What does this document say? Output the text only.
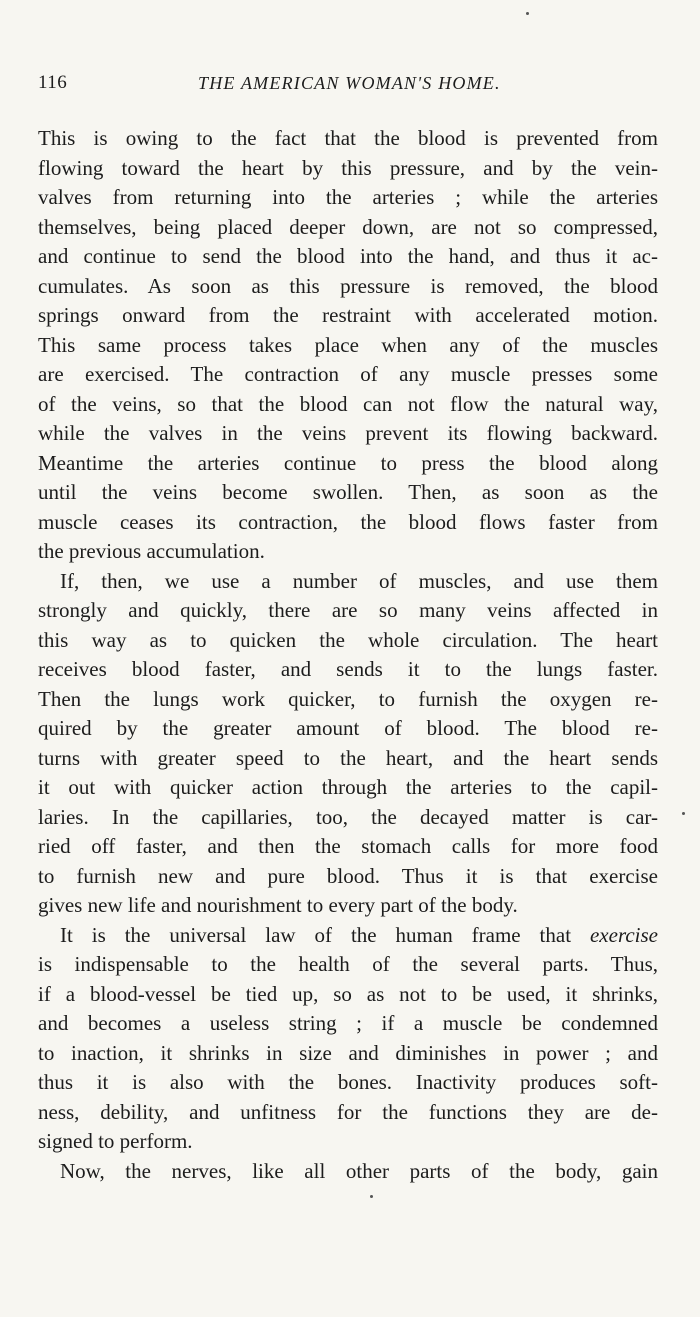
116	THE AMERICAN WOMAN'S HOME.
This is owing to the fact that the blood is prevented from
flowing toward the heart by this pressure, and by the vein-
valves from returning into the arteries ; while the arteries
themselves, being placed deeper down, are not so compressed,
and continue to send the blood into the hand, and thus it ac-
cumulates. As soon as this pressure is removed, the blood
springs onward from the restraint with accelerated motion.
This same process takes place when any of the muscles
are exercised. The contraction of any muscle presses some
of the veins, so that the blood can not flow the natural way,
while the valves in the veins prevent its flowing backward.
Meantime the arteries continue to press the blood along
until the veins become swollen. Then, as soon as the
muscle ceases its contraction, the blood flows faster from
the previous accumulation.
If, then, we use a number of muscles, and use them
strongly and quickly, there are so many veins affected in
this way as to quicken the whole circulation. The heart
receives blood faster, and sends it to the lungs faster.
Then the lungs work quicker, to furnish the oxygen re-
quired by the greater amount of blood. The blood re-
turns with greater speed to the heart, and the heart sends
it out with quicker action through the arteries to the capil-
laries. In the capillaries, too, the decayed matter is car-
ried off faster, and then the stomach calls for more food
to furnish new and pure blood. Thus it is that exercise
gives new life and nourishment to every part of the body.
It is the universal law of the human frame that exercise
is indispensable to the health of the several parts. Thus,
if a blood-vessel be tied up, so as not to be used, it shrinks,
and becomes a useless string ; if a muscle be condemned
to inaction, it shrinks in size and diminishes in power ; and
thus it is also with the bones. Inactivity produces soft-
ness, debility, and unfitness for the functions they are de-
signed to perform.
Now, the nerves, like all other parts of the body, gain
